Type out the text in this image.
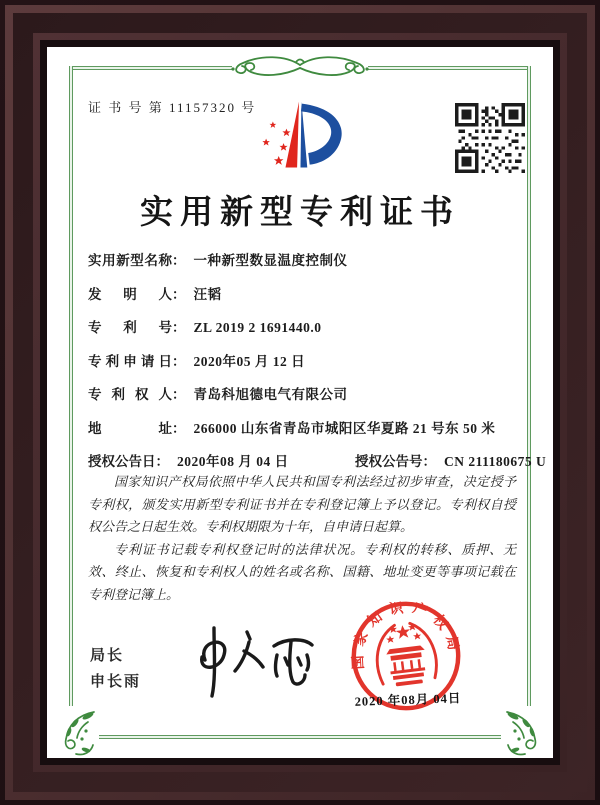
证 书 号 第 11157320 号
实用新型专利证书
实用新型名称 ： 一种新型数显温度控制仪
发明人 ： 汪韬
专利号 ： ZL 2019 2 1691440.0
专利申请日 ： 2020年05 月 12 日
专利权人 ： 青岛科旭德电气有限公司
地址 ： 266000 山东省青岛市城阳区华夏路 21 号东 50 米
授权公告日 ： 2020年08 月 04 日	授权公告号 ： CN 211180675 U

国家知识产权局依照中华人民共和国专利法经过初步审查，决定授予专利权，颁发实用新型专利证书并在专利登记簿上予以登记。专利权自授权公告之日起生效。专利权期限为十年，自申请日起算。

专利证书记载专利权登记时的法律状况。专利权的转移、质押、无效、终止、恢复和专利权人的姓名或名称、国籍、地址变更等事项记载在专利登记簿上。

局长
申长雨
国家知识产权局
2020 年08月 04日
